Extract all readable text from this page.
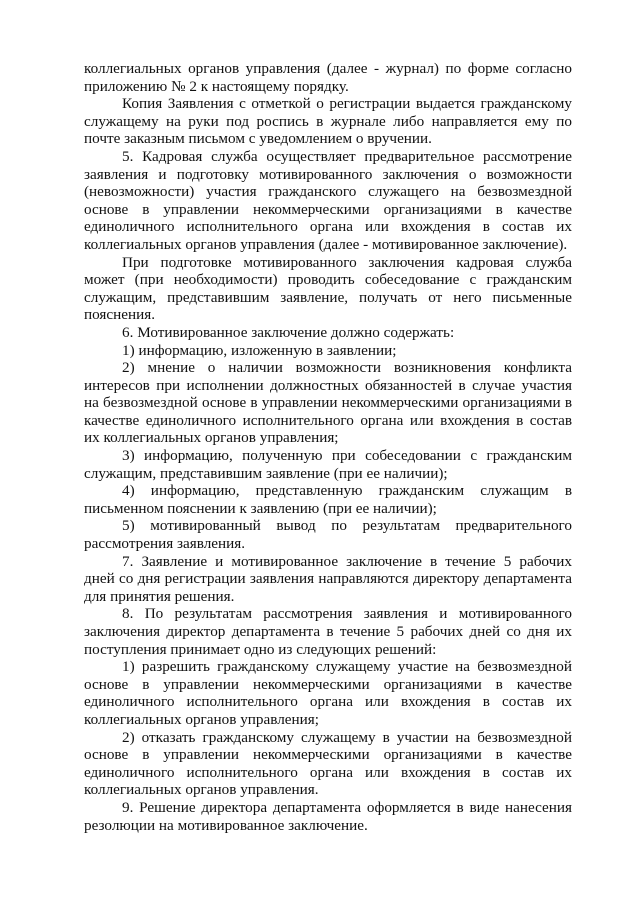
коллегиальных органов управления (далее - журнал) по форме согласно приложению № 2 к настоящему порядку.

Копия Заявления с отметкой о регистрации выдается гражданскому служащему на руки под роспись в журнале либо направляется ему по почте заказным письмом с уведомлением о вручении.

5. Кадровая служба осуществляет предварительное рассмотрение заявления и подготовку мотивированного заключения о возможности (невозможности) участия гражданского служащего на безвозмездной основе в управлении некоммерческими организациями в качестве единоличного исполнительного органа или вхождения в состав их коллегиальных органов управления (далее - мотивированное заключение).

При подготовке мотивированного заключения кадровая служба может (при необходимости) проводить собеседование с гражданским служащим, представившим заявление, получать от него письменные пояснения.

6. Мотивированное заключение должно содержать:

1) информацию, изложенную в заявлении;

2) мнение о наличии возможности возникновения конфликта интересов при исполнении должностных обязанностей в случае участия на безвозмездной основе в управлении некоммерческими организациями в качестве единоличного исполнительного органа или вхождения в состав их коллегиальных органов управления;

3) информацию, полученную при собеседовании с гражданским служащим, представившим заявление (при ее наличии);

4) информацию, представленную гражданским служащим в письменном пояснении к заявлению (при ее наличии);

5) мотивированный вывод по результатам предварительного рассмотрения заявления.

7. Заявление и мотивированное заключение в течение 5 рабочих дней со дня регистрации заявления направляются директору департамента для принятия решения.

8. По результатам рассмотрения заявления и мотивированного заключения директор департамента в течение 5 рабочих дней со дня их поступления принимает одно из следующих решений:

1) разрешить гражданскому служащему участие на безвозмездной основе в управлении некоммерческими организациями в качестве единоличного исполнительного органа или вхождения в состав их коллегиальных органов управления;

2) отказать гражданскому служащему в участии на безвозмездной основе в управлении некоммерческими организациями в качестве единоличного исполнительного органа или вхождения в состав их коллегиальных органов управления.

9. Решение директора департамента оформляется в виде нанесения резолюции на мотивированное заключение.
